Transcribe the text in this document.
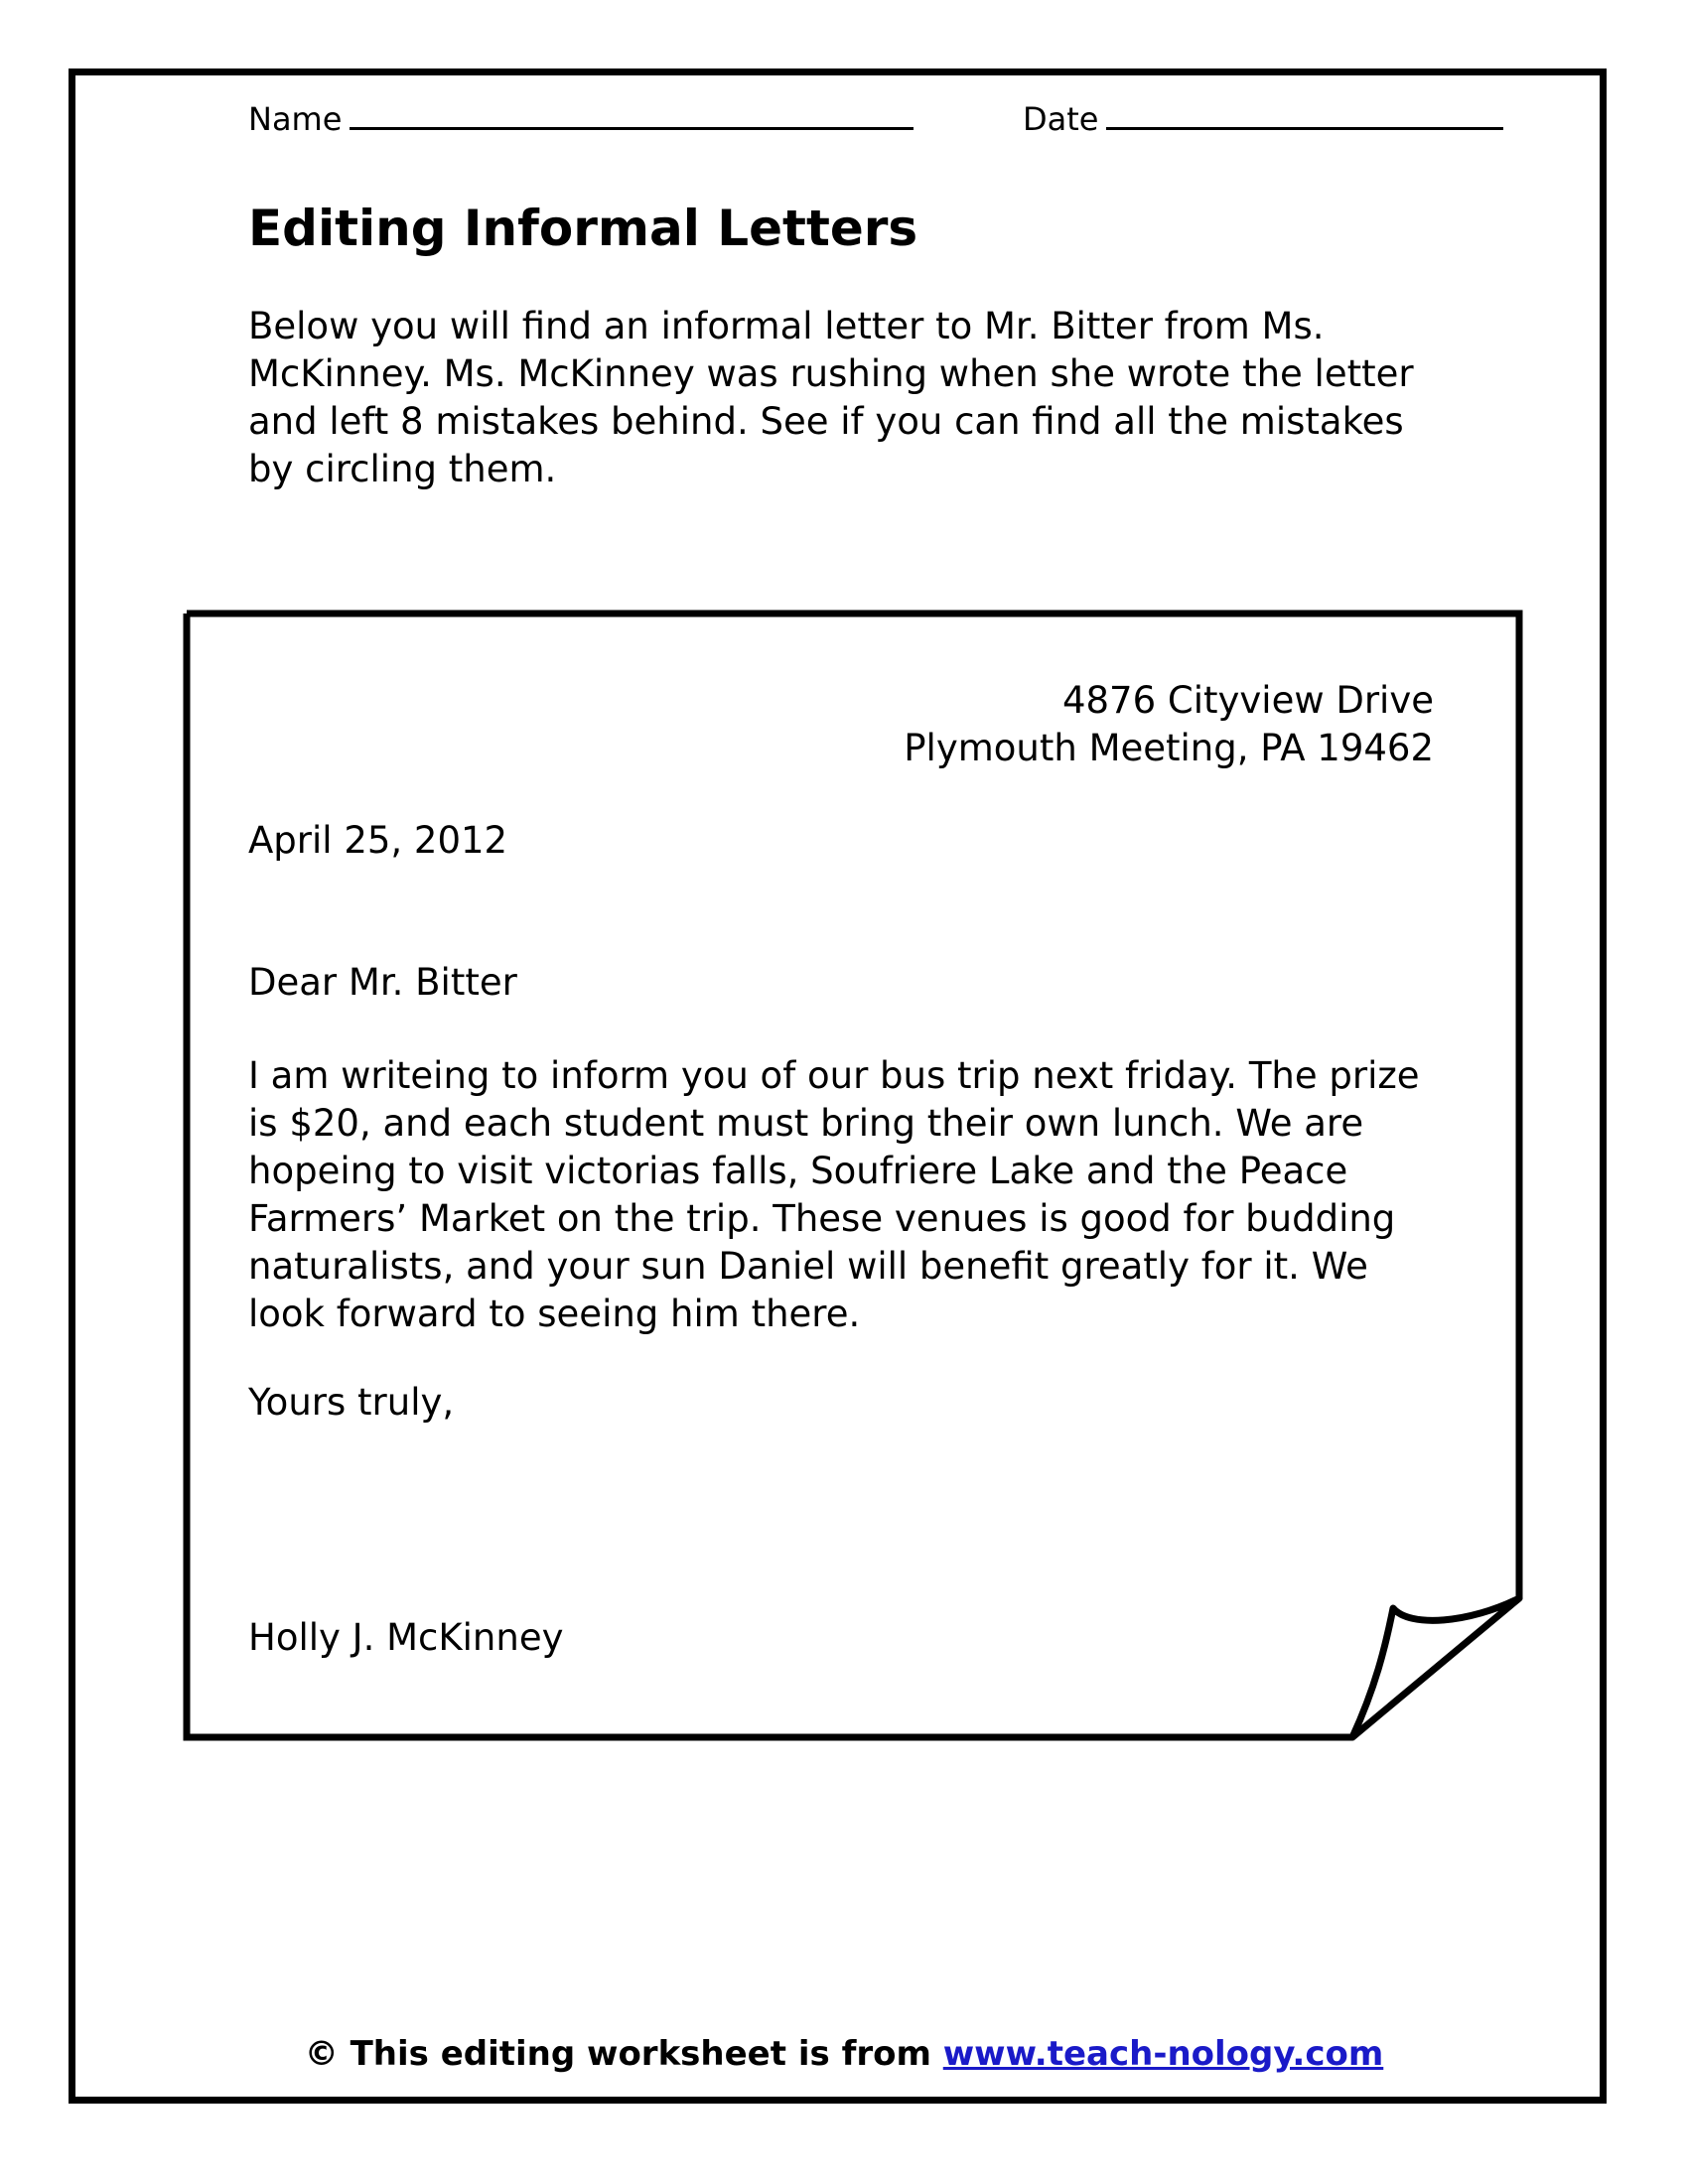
Name	Date
Editing Informal Letters

Below you will find an informal letter to Mr. Bitter from Ms. McKinney. Ms. McKinney was rushing when she wrote the letter and left 8 mistakes behind. See if you can find all the mistakes by circling them.

4876 Cityview Drive
Plymouth Meeting, PA 19462

April 25, 2012

Dear Mr. Bitter

I am writeing to inform you of our bus trip next friday. The prize is $20, and each student must bring their own lunch. We are hopeing to visit victorias falls, Soufriere Lake and the Peace Farmers’ Market on the trip. These venues is good for budding naturalists, and your sun Daniel will benefit greatly for it. We look forward to seeing him there.

Yours truly,

Holly J. McKinney

© This editing worksheet is from www.teach-nology.com
